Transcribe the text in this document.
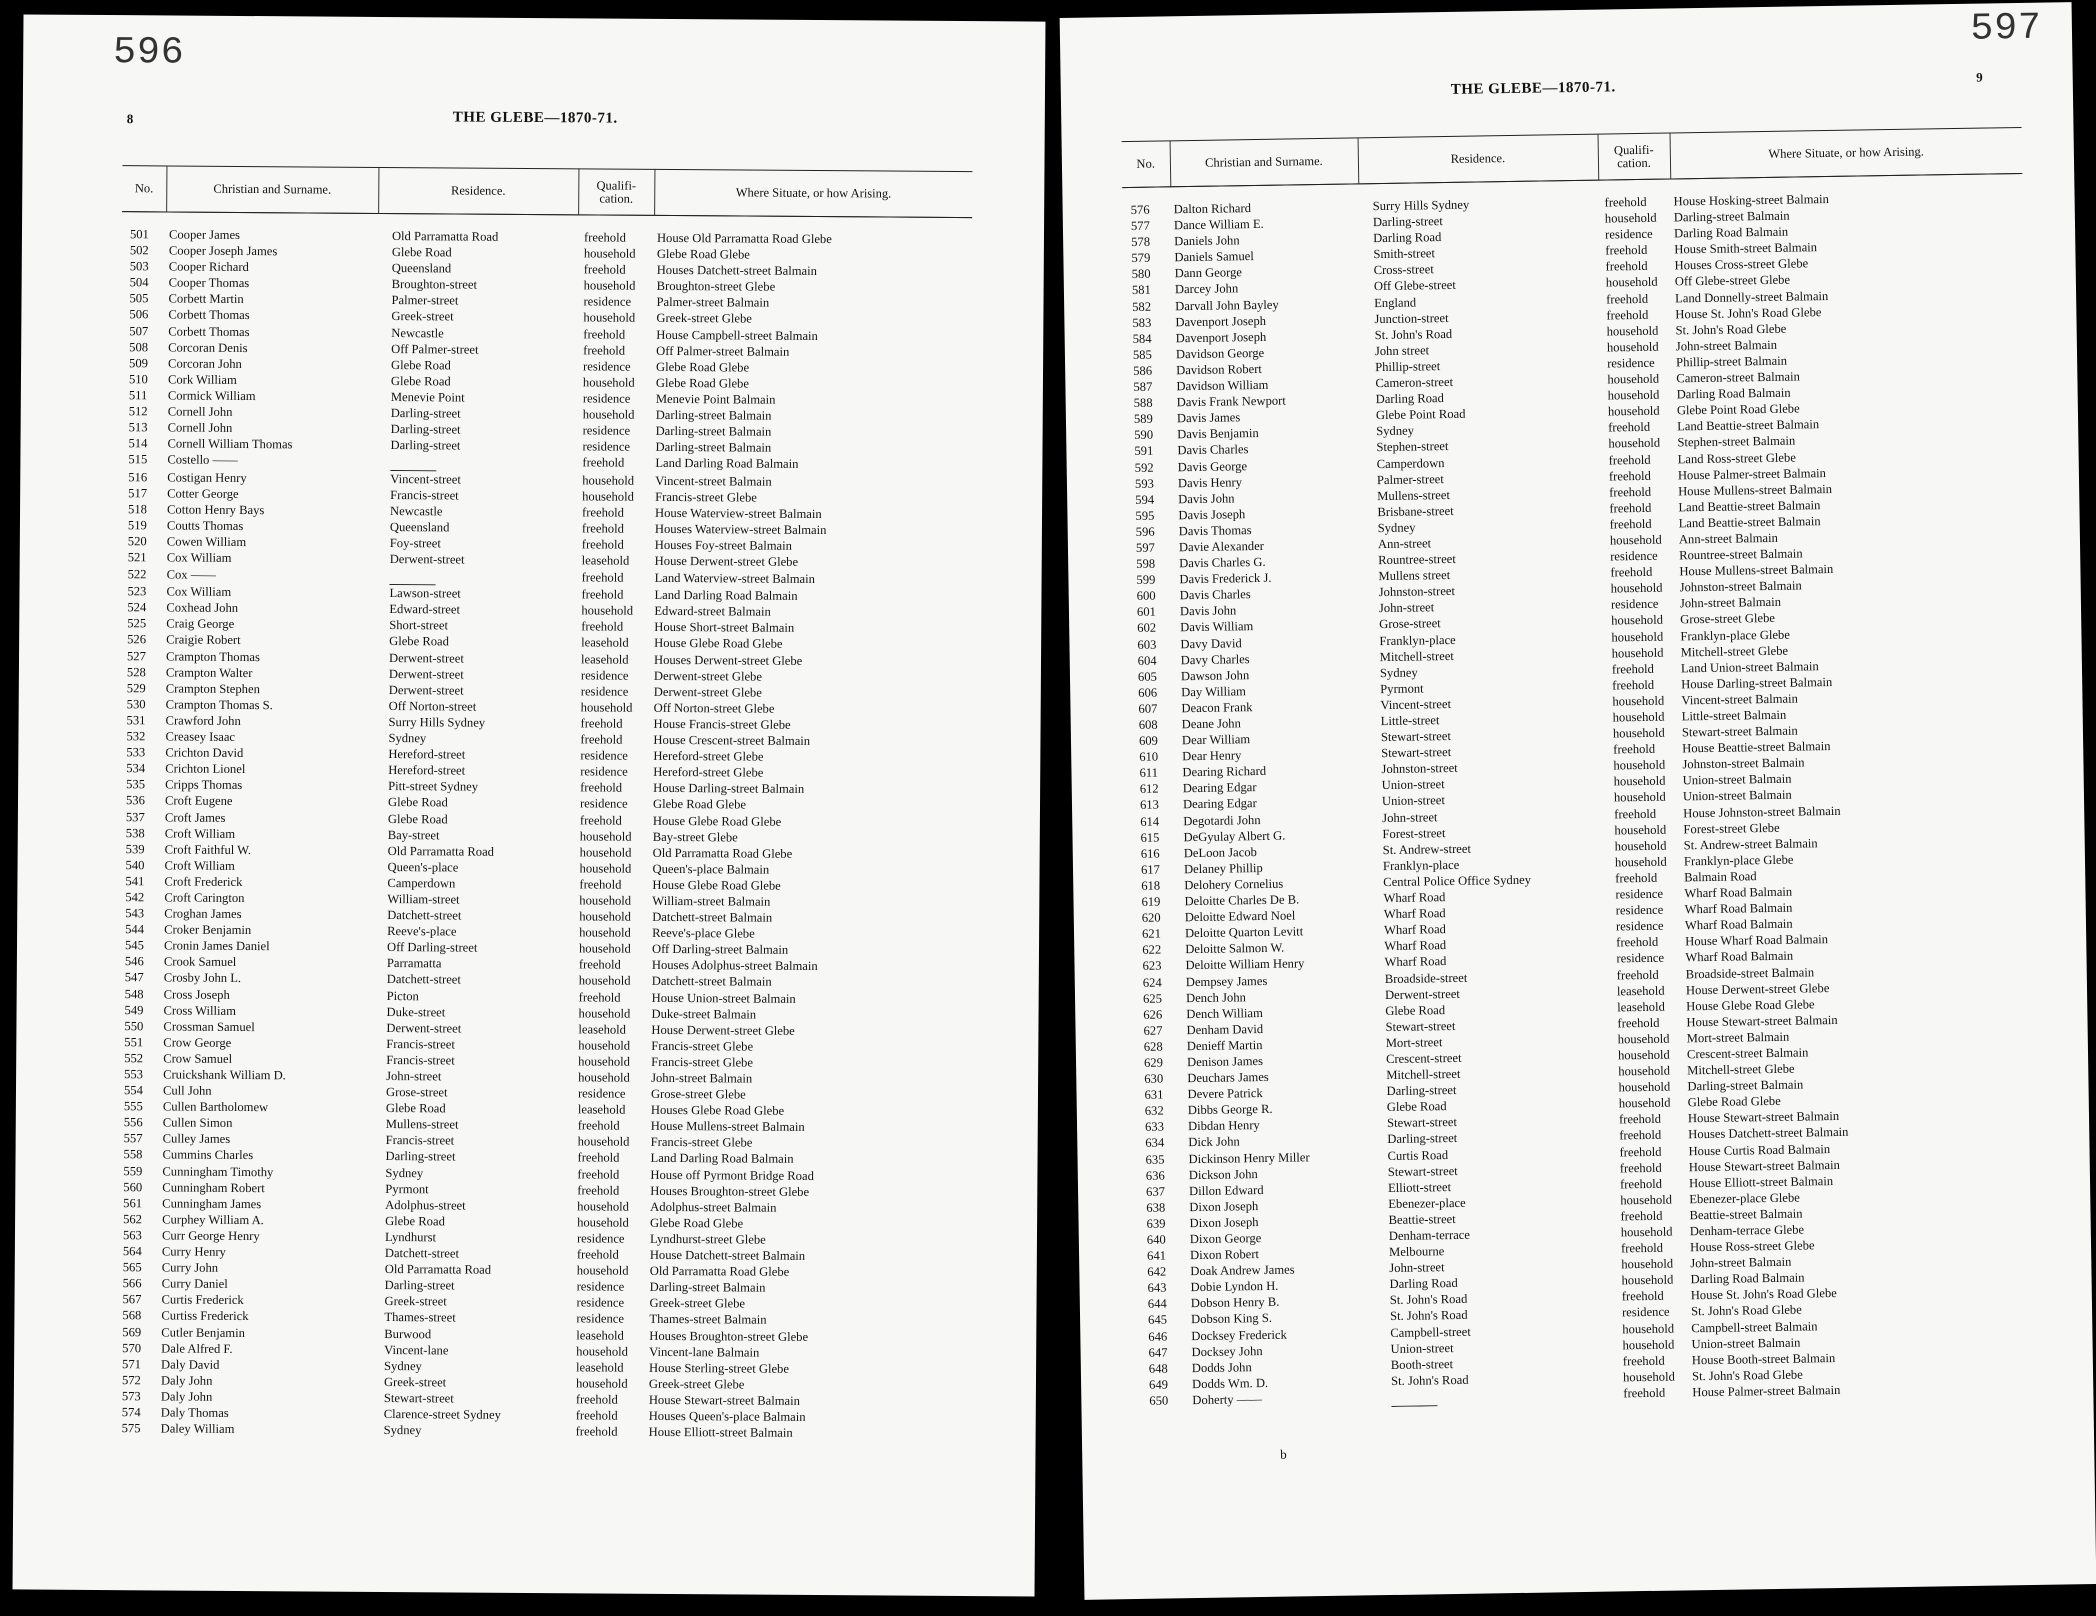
596
8	THE GLEBE—1870-71.
No.	Christian and Surname.	Residence.	Qualifi-
cation.	Where Situate, or how Arising.
501	Cooper James	Old Parramatta Road	freehold	House Old Parramatta Road Glebe
502	Cooper Joseph James	Glebe Road	household	Glebe Road Glebe
503	Cooper Richard	Queensland	freehold	Houses Datchett-street Balmain
504	Cooper Thomas	Broughton-street	household	Broughton-street Glebe
505	Corbett Martin	Palmer-street	residence	Palmer-street Balmain
506	Corbett Thomas	Greek-street	household	Greek-street Glebe
507	Corbett Thomas	Newcastle	freehold	House Campbell-street Balmain
508	Corcoran Denis	Off Palmer-street	freehold	Off Palmer-street Balmain
509	Corcoran John	Glebe Road	residence	Glebe Road Glebe
510	Cork William	Glebe Road	household	Glebe Road Glebe
511	Cormick William	Menevie Point	residence	Menevie Point Balmain
512	Cornell John	Darling-street	household	Darling-street Balmain
513	Cornell John	Darling-street	residence	Darling-street Balmain
514	Cornell William Thomas	Darling-street	residence	Darling-street Balmain
515	Costello ——		freehold	Land Darling Road Balmain
516	Costigan Henry	Vincent-street	household	Vincent-street Balmain
517	Cotter George	Francis-street	household	Francis-street Glebe
518	Cotton Henry Bays	Newcastle	freehold	House Waterview-street Balmain
519	Coutts Thomas	Queensland	freehold	Houses Waterview-street Balmain
520	Cowen William	Foy-street	freehold	Houses Foy-street Balmain
521	Cox William	Derwent-street	leasehold	House Derwent-street Glebe
522	Cox ——		freehold	Land Waterview-street Balmain
523	Cox William	Lawson-street	freehold	Land Darling Road Balmain
524	Coxhead John	Edward-street	household	Edward-street Balmain
525	Craig George	Short-street	freehold	House Short-street Balmain
526	Craigie Robert	Glebe Road	leasehold	House Glebe Road Glebe
527	Crampton Thomas	Derwent-street	leasehold	Houses Derwent-street Glebe
528	Crampton Walter	Derwent-street	residence	Derwent-street Glebe
529	Crampton Stephen	Derwent-street	residence	Derwent-street Glebe
530	Crampton Thomas S.	Off Norton-street	household	Off Norton-street Glebe
531	Crawford John	Surry Hills Sydney	freehold	House Francis-street Glebe
532	Creasey Isaac	Sydney	freehold	House Crescent-street Balmain
533	Crichton David	Hereford-street	residence	Hereford-street Glebe
534	Crichton Lionel	Hereford-street	residence	Hereford-street Glebe
535	Cripps Thomas	Pitt-street Sydney	freehold	House Darling-street Balmain
536	Croft Eugene	Glebe Road	residence	Glebe Road Glebe
537	Croft James	Glebe Road	freehold	House Glebe Road Glebe
538	Croft William	Bay-street	household	Bay-street Glebe
539	Croft Faithful W.	Old Parramatta Road	household	Old Parramatta Road Glebe
540	Croft William	Queen's-place	household	Queen's-place Balmain
541	Croft Frederick	Camperdown	freehold	House Glebe Road Glebe
542	Croft Carington	William-street	household	William-street Balmain
543	Croghan James	Datchett-street	household	Datchett-street Balmain
544	Croker Benjamin	Reeve's-place	household	Reeve's-place Glebe
545	Cronin James Daniel	Off Darling-street	household	Off Darling-street Balmain
546	Crook Samuel	Parramatta	freehold	Houses Adolphus-street Balmain
547	Crosby John L.	Datchett-street	household	Datchett-street Balmain
548	Cross Joseph	Picton	freehold	House Union-street Balmain
549	Cross William	Duke-street	household	Duke-street Balmain
550	Crossman Samuel	Derwent-street	leasehold	House Derwent-street Glebe
551	Crow George	Francis-street	household	Francis-street Glebe
552	Crow Samuel	Francis-street	household	Francis-street Glebe
553	Cruickshank William D.	John-street	household	John-street Balmain
554	Cull John	Grose-street	residence	Grose-street Glebe
555	Cullen Bartholomew	Glebe Road	leasehold	Houses Glebe Road Glebe
556	Cullen Simon	Mullens-street	freehold	House Mullens-street Balmain
557	Culley James	Francis-street	household	Francis-street Glebe
558	Cummins Charles	Darling-street	freehold	Land Darling Road Balmain
559	Cunningham Timothy	Sydney	freehold	House off Pyrmont Bridge Road
560	Cunningham Robert	Pyrmont	freehold	Houses Broughton-street Glebe
561	Cunningham James	Adolphus-street	household	Adolphus-street Balmain
562	Curphey William A.	Glebe Road	household	Glebe Road Glebe
563	Curr George Henry	Lyndhurst	residence	Lyndhurst-street Glebe
564	Curry Henry	Datchett-street	freehold	House Datchett-street Balmain
565	Curry John	Old Parramatta Road	household	Old Parramatta Road Glebe
566	Curry Daniel	Darling-street	residence	Darling-street Balmain
567	Curtis Frederick	Greek-street	residence	Greek-street Glebe
568	Curtiss Frederick	Thames-street	residence	Thames-street Balmain
569	Cutler Benjamin	Burwood	leasehold	Houses Broughton-street Glebe
570	Dale Alfred F.	Vincent-lane	household	Vincent-lane Balmain
571	Daly David	Sydney	leasehold	House Sterling-street Glebe
572	Daly John	Greek-street	household	Greek-street Glebe
573	Daly John	Stewart-street	freehold	House Stewart-street Balmain
574	Daly Thomas	Clarence-street Sydney	freehold	Houses Queen's-place Balmain
575	Daley William	Sydney	freehold	House Elliott-street Balmain
597
9
THE GLEBE—1870-71.
No.	Christian and Surname.	Residence.	Qualifi-
cation.	Where Situate, or how Arising.
576	Dalton Richard	Surry Hills Sydney	freehold	House Hosking-street Balmain
577	Dance William E.	Darling-street	household	Darling-street Balmain
578	Daniels John	Darling Road	residence	Darling Road Balmain
579	Daniels Samuel	Smith-street	freehold	House Smith-street Balmain
580	Dann George	Cross-street	freehold	Houses Cross-street Glebe
581	Darcey John	Off Glebe-street	household	Off Glebe-street Glebe
582	Darvall John Bayley	England	freehold	Land Donnelly-street Balmain
583	Davenport Joseph	Junction-street	freehold	House St. John's Road Glebe
584	Davenport Joseph	St. John's Road	household	St. John's Road Glebe
585	Davidson George	John street	household	John-street Balmain
586	Davidson Robert	Phillip-street	residence	Phillip-street Balmain
587	Davidson William	Cameron-street	household	Cameron-street Balmain
588	Davis Frank Newport	Darling Road	household	Darling Road Balmain
589	Davis James	Glebe Point Road	household	Glebe Point Road Glebe
590	Davis Benjamin	Sydney	freehold	Land Beattie-street Balmain
591	Davis Charles	Stephen-street	household	Stephen-street Balmain
592	Davis George	Camperdown	freehold	Land Ross-street Glebe
593	Davis Henry	Palmer-street	freehold	House Palmer-street Balmain
594	Davis John	Mullens-street	freehold	House Mullens-street Balmain
595	Davis Joseph	Brisbane-street	freehold	Land Beattie-street Balmain
596	Davis Thomas	Sydney	freehold	Land Beattie-street Balmain
597	Davie Alexander	Ann-street	household	Ann-street Balmain
598	Davis Charles G.	Rountree-street	residence	Rountree-street Balmain
599	Davis Frederick J.	Mullens street	freehold	House Mullens-street Balmain
600	Davis Charles	Johnston-street	household	Johnston-street Balmain
601	Davis John	John-street	residence	John-street Balmain
602	Davis William	Grose-street	household	Grose-street Glebe
603	Davy David	Franklyn-place	household	Franklyn-place Glebe
604	Davy Charles	Mitchell-street	household	Mitchell-street Glebe
605	Dawson John	Sydney	freehold	Land Union-street Balmain
606	Day William	Pyrmont	freehold	House Darling-street Balmain
607	Deacon Frank	Vincent-street	household	Vincent-street Balmain
608	Deane John	Little-street	household	Little-street Balmain
609	Dear William	Stewart-street	household	Stewart-street Balmain
610	Dear Henry	Stewart-street	freehold	House Beattie-street Balmain
611	Dearing Richard	Johnston-street	household	Johnston-street Balmain
612	Dearing Edgar	Union-street	household	Union-street Balmain
613	Dearing Edgar	Union-street	household	Union-street Balmain
614	Degotardi John	John-street	freehold	House Johnston-street Balmain
615	DeGyulay Albert G.	Forest-street	household	Forest-street Glebe
616	DeLoon Jacob	St. Andrew-street	household	St. Andrew-street Balmain
617	Delaney Phillip	Franklyn-place	household	Franklyn-place Glebe
618	Delohery Cornelius	Central Police Office Sydney	freehold	Balmain Road
619	Deloitte Charles De B.	Wharf Road	residence	Wharf Road Balmain
620	Deloitte Edward Noel	Wharf Road	residence	Wharf Road Balmain
621	Deloitte Quarton Levitt	Wharf Road	residence	Wharf Road Balmain
622	Deloitte Salmon W.	Wharf Road	freehold	House Wharf Road Balmain
623	Deloitte William Henry	Wharf Road	residence	Wharf Road Balmain
624	Dempsey James	Broadside-street	freehold	Broadside-street Balmain
625	Dench John	Derwent-street	leasehold	House Derwent-street Glebe
626	Dench William	Glebe Road	leasehold	House Glebe Road Glebe
627	Denham David	Stewart-street	freehold	House Stewart-street Balmain
628	Denieff Martin	Mort-street	household	Mort-street Balmain
629	Denison James	Crescent-street	household	Crescent-street Balmain
630	Deuchars James	Mitchell-street	household	Mitchell-street Glebe
631	Devere Patrick	Darling-street	household	Darling-street Balmain
632	Dibbs George R.	Glebe Road	household	Glebe Road Glebe
633	Dibdan Henry	Stewart-street	freehold	House Stewart-street Balmain
634	Dick John	Darling-street	freehold	Houses Datchett-street Balmain
635	Dickinson Henry Miller	Curtis Road	freehold	House Curtis Road Balmain
636	Dickson John	Stewart-street	freehold	House Stewart-street Balmain
637	Dillon Edward	Elliott-street	freehold	House Elliott-street Balmain
638	Dixon Joseph	Ebenezer-place	household	Ebenezer-place Glebe
639	Dixon Joseph	Beattie-street	freehold	Beattie-street Balmain
640	Dixon George	Denham-terrace	household	Denham-terrace Glebe
641	Dixon Robert	Melbourne	freehold	House Ross-street Glebe
642	Doak Andrew James	John-street	household	John-street Balmain
643	Dobie Lyndon H.	Darling Road	household	Darling Road Balmain
644	Dobson Henry B.	St. John's Road	freehold	House St. John's Road Glebe
645	Dobson King S.	St. John's Road	residence	St. John's Road Glebe
646	Docksey Frederick	Campbell-street	household	Campbell-street Balmain
647	Docksey John	Union-street	household	Union-street Balmain
648	Dodds John	Booth-street	freehold	House Booth-street Balmain
649	Dodds Wm. D.	St. John's Road	household	St. John's Road Glebe
650	Doherty ——		freehold	House Palmer-street Balmain
b
